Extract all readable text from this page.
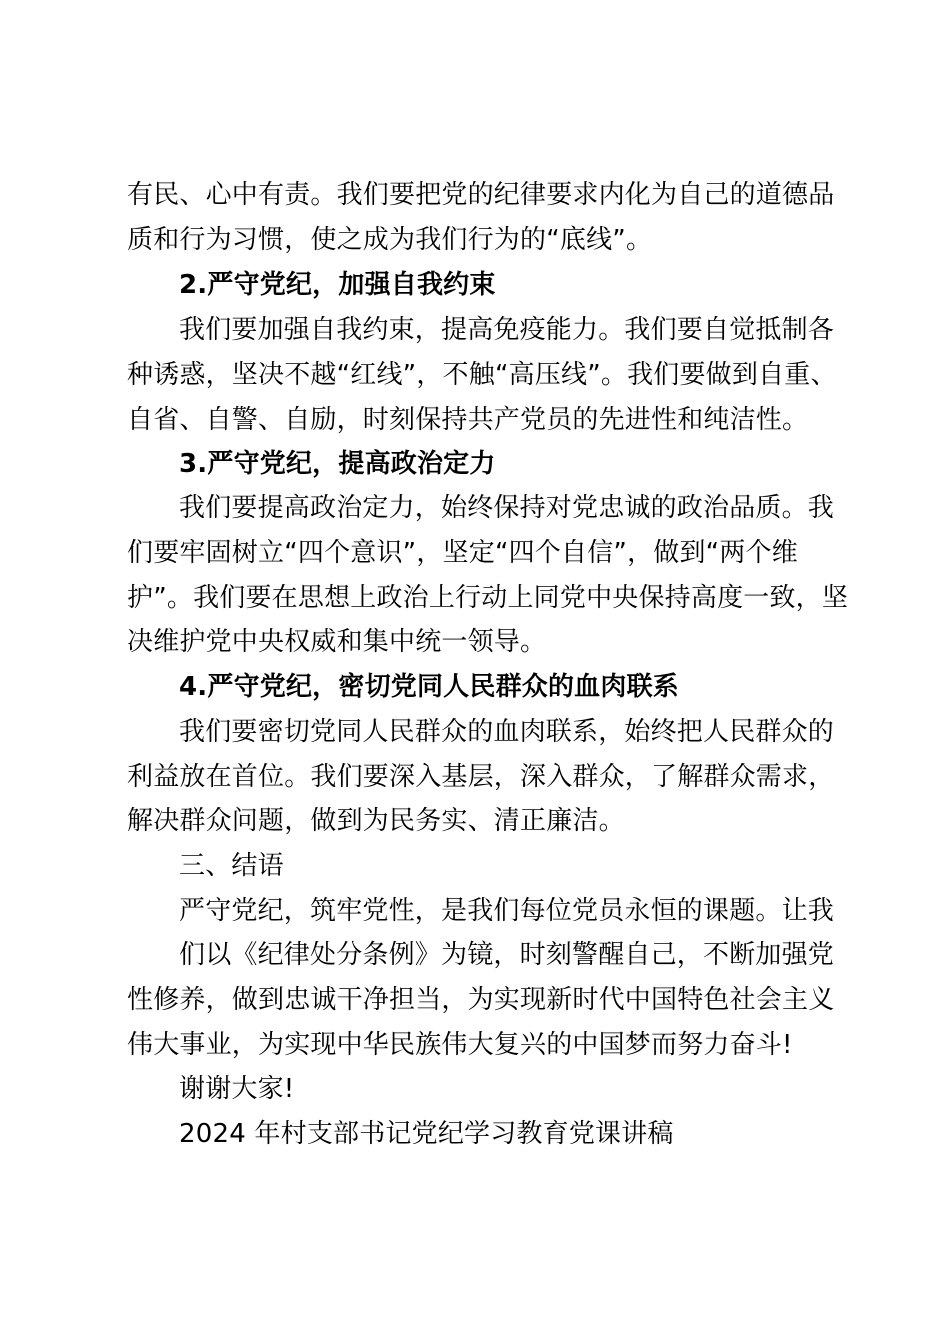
有民、心中有责。我们要把党的纪律要求内化为自己的道德品
质和行为习惯，使之成为我们行为的“底线”。
2.严守党纪，加强自我约束
我们要加强自我约束，提高免疫能力。我们要自觉抵制各
种诱惑，坚决不越“红线”，不触“高压线”。我们要做到自重、
自省、自警、自励，时刻保持共产党员的先进性和纯洁性。
3.严守党纪，提高政治定力
我们要提高政治定力，始终保持对党忠诚的政治品质。我
们要牢固树立“四个意识”，坚定“四个自信”，做到“两个维
护”。我们要在思想上政治上行动上同党中央保持高度一致，坚
决维护党中央权威和集中统一领导。
4.严守党纪，密切党同人民群众的血肉联系
我们要密切党同人民群众的血肉联系，始终把人民群众的
利益放在首位。我们要深入基层，深入群众，了解群众需求，
解决群众问题，做到为民务实、清正廉洁。
三、结语
严守党纪，筑牢党性，是我们每位党员永恒的课题。让我
们以《纪律处分条例》为镜，时刻警醒自己，不断加强党
性修养，做到忠诚干净担当，为实现新时代中国特色社会主义
伟大事业，为实现中华民族伟大复兴的中国梦而努力奋斗!
谢谢大家!
2024 年村支部书记党纪学习教育党课讲稿
